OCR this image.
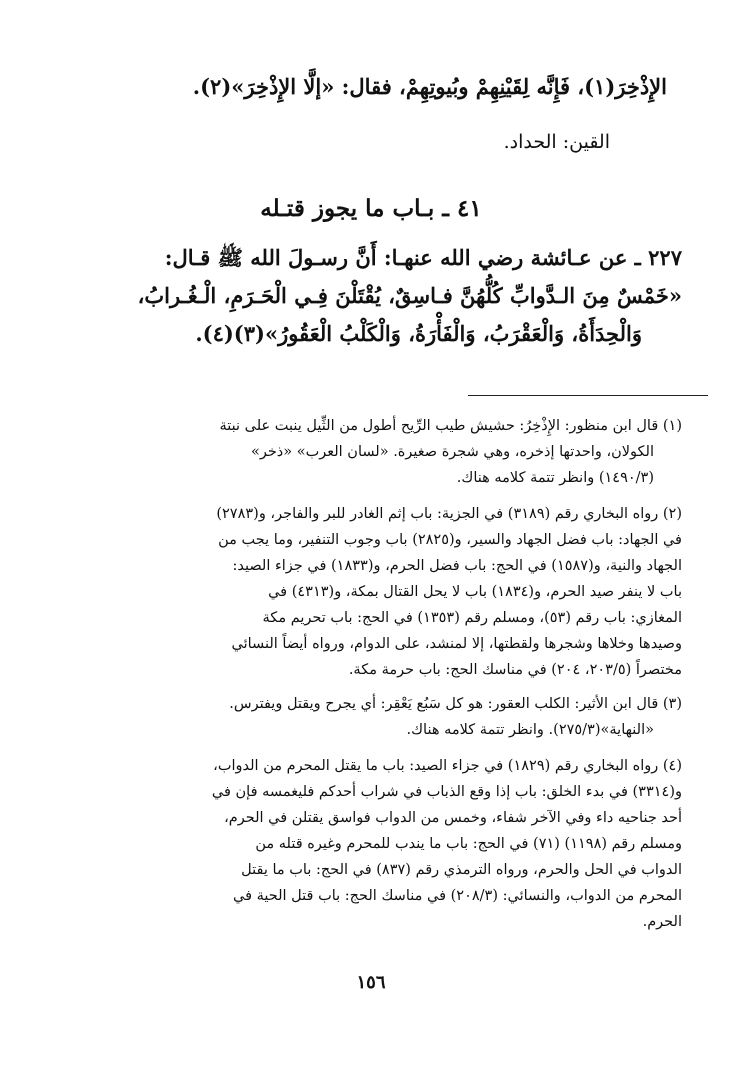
الإِذْخِرَ(١)، فَإِنَّه لِقَيْنِهِمْ وبُيوتِهِمْ، فقال: «إلَّا الإِذْخِرَ»(٢).
القين: الحداد.
٤١ ـ بـاب ما يجوز قتـله
٢٢٧ ـ عن عـائشة رضي الله عنهـا: أَنَّ رسـولَ الله ﷺ قـال:
«خَمْسٌ مِنَ الـدَّوابِّ كُلُّهُنَّ فـاسِقٌ، يُقْتَلْنَ فِـي الْحَـرَمِ، الْـغُـرابُ،
وَالْحِدَأَةُ، وَالْعَقْرَبُ، وَالْفَأْرَةُ، وَالْكَلْبُ الْعَقُورُ»(٣)(٤).
(١) قال ابن منظور: الإِذْخِرُ: حشيش طيب الرِّيح أطول من الثِّيل ينبت على نبتة
الكولان، واحدتها إذخره، وهي شجرة صغيرة. «لسان العرب» «ذخر»
(١٤٩٠/٣) وانظر تتمة كلامه هناك.
(٢) رواه البخاري رقم (٣١٨٩) في الجزية: باب إثم الغادر للبر والفاجر، و(٢٧٨٣)
في الجهاد: باب فضل الجهاد والسير، و(٢٨٢٥) باب وجوب التنفير، وما يجب من
الجهاد والنية، و(١٥٨٧) في الحج: باب فضل الحرم، و(١٨٣٣) في جزاء الصيد:
باب لا ينفر صيد الحرم، و(١٨٣٤) باب لا يحل القتال بمكة، و(٤٣١٣) في
المغازي: باب رقم (٥٣)، ومسلم رقم (١٣٥٣) في الحج: باب تحريم مكة
وصيدها وخلاها وشجرها ولقطتها، إلا لمنشد، على الدوام، ورواه أيضاً النسائي
مختصراً (٢٠٣/٥، ٢٠٤) في مناسك الحج: باب حرمة مكة.
(٣) قال ابن الأثير: الكلب العقور: هو كل سَبُع يَعْقِر: أي يجرح ويقتل ويفترس.
«النهاية»(٢٧٥/٣). وانظر تتمة كلامه هناك.
(٤) رواه البخاري رقم (١٨٢٩) في جزاء الصيد: باب ما يقتل المحرم من الدواب،
و(٣٣١٤) في بدء الخلق: باب إذا وقع الذباب في شراب أحدكم فليغمسه فإن في
أحد جناحيه داء وفي الآخر شفاء، وخمس من الدواب فواسق يقتلن في الحرم،
ومسلم رقم (١١٩٨) (٧١) في الحج: باب ما يندب للمحرم وغيره قتله من
الدواب في الحل والحرم، ورواه الترمذي رقم (٨٣٧) في الحج: باب ما يقتل
المحرم من الدواب، والنسائي: (٢٠٨/٣) في مناسك الحج: باب قتل الحية في
الحرم.
١٥٦
